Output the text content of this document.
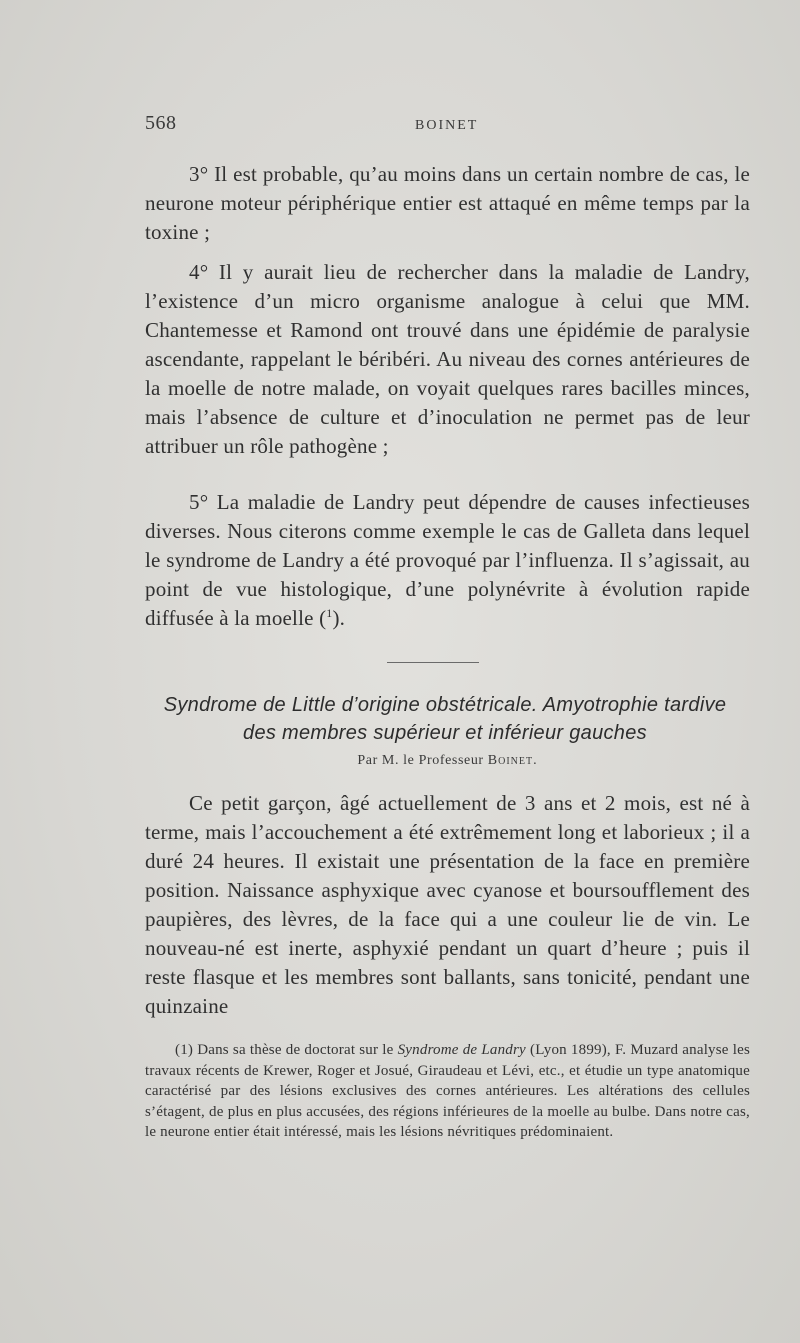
568	BOINET

3° Il est probable, qu’au moins dans un certain nombre de cas, le neurone moteur périphérique entier est attaqué en même temps par la toxine ;

4° Il y aurait lieu de rechercher dans la maladie de Landry, l’existence d’un micro organisme analogue à celui que MM. Chantemesse et Ramond ont trouvé dans une épidémie de paralysie ascendante, rappelant le béribéri. Au niveau des cornes antérieures de la moelle de notre malade, on voyait quelques rares bacilles minces, mais l’absence de culture et d’inoculation ne permet pas de leur attribuer un rôle pathogène ;

5° La maladie de Landry peut dépendre de causes infectieuses diverses. Nous citerons comme exemple le cas de Galleta dans lequel le syndrome de Landry a été provoqué par l’influenza. Il s’agissait, au point de vue histologique, d’une polynévrite à évolution rapide diffusée à la moelle ($^1$).

Syndrome de Little d’origine obstétricale. Amyotrophie tardive des membres supérieur et inférieur gauches
Par M. le Professeur Boinet.

Ce petit garçon, âgé actuellement de 3 ans et 2 mois, est né à terme, mais l’accouchement a été extrêmement long et laborieux ; il a duré 24 heures. Il existait une présentation de la face en première position. Naissance asphyxique avec cyanose et boursoufflement des paupières, des lèvres, de la face qui a une couleur lie de vin. Le nouveau-né est inerte, asphyxié pendant un quart d’heure ; puis il reste flasque et les membres sont ballants, sans tonicité, pendant une quinzaine

(1) Dans sa thèse de doctorat sur le Syndrome de Landry (Lyon 1899), F. Muzard analyse les travaux récents de Krewer, Roger et Josué, Giraudeau et Lévi, etc., et étudie un type anatomique caractérisé par des lésions exclusives des cornes antérieures. Les altérations des cellules s’étagent, de plus en plus accusées, des régions inférieures de la moelle au bulbe. Dans notre cas, le neurone entier était intéressé, mais les lésions névritiques prédominaient.
